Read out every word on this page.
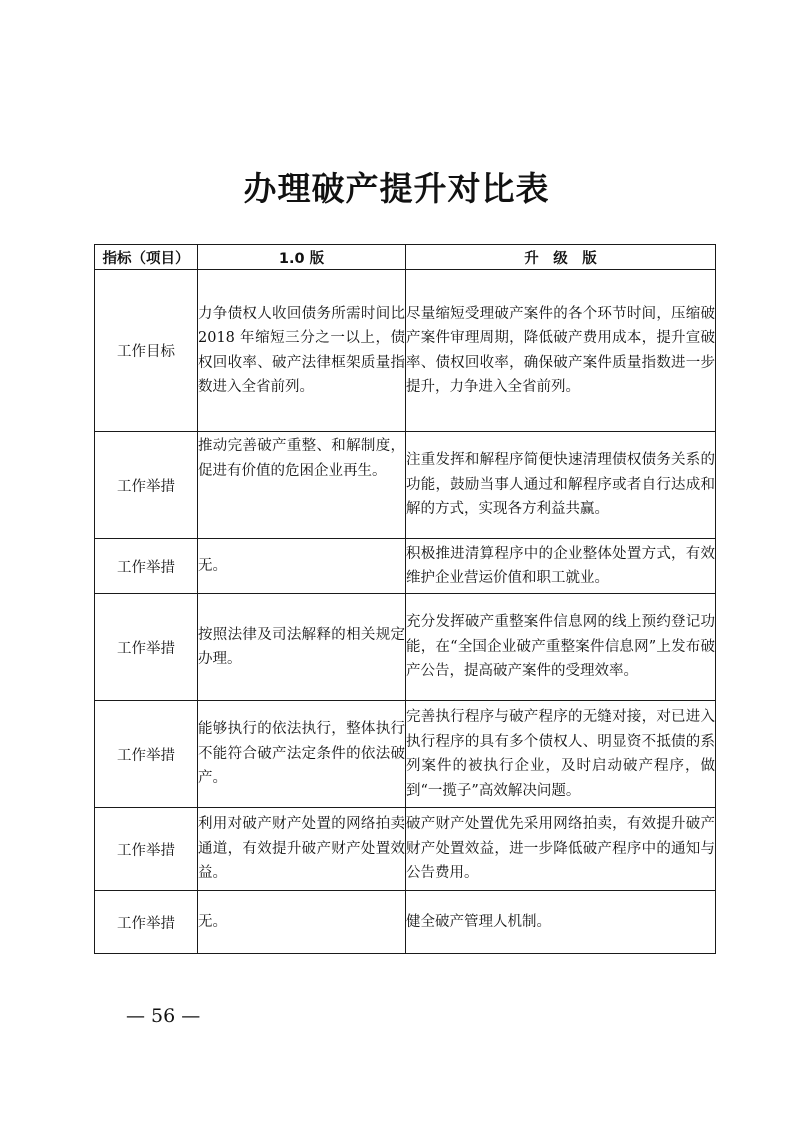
办理破产提升对比表
指标（项目）	1.0 版	升　级　版
工作目标	力争债权人收回债务所需时间比 2018 年缩短三分之一以上，债权回收率、破产法律框架质量指数进入全省前列。	尽量缩短受理破产案件的各个环节时间，压缩破产案件审理周期，降低破产费用成本，提升宣破率、债权回收率，确保破产案件质量指数进一步提升，力争进入全省前列。
工作举措	推动完善破产重整、和解制度，促进有价值的危困企业再生。	注重发挥和解程序简便快速清理债权债务关系的功能，鼓励当事人通过和解程序或者自行达成和解的方式，实现各方利益共赢。
工作举措	无。	积极推进清算程序中的企业整体处置方式，有效维护企业营运价值和职工就业。
工作举措	按照法律及司法解释的相关规定办理。	充分发挥破产重整案件信息网的线上预约登记功能，在“全国企业破产重整案件信息网”上发布破产公告，提高破产案件的受理效率。
工作举措	能够执行的依法执行，整体执行不能符合破产法定条件的依法破产。	完善执行程序与破产程序的无缝对接，对已进入执行程序的具有多个债权人、明显资不抵债的系列案件的被执行企业，及时启动破产程序，做到“一揽子”高效解决问题。
工作举措	利用对破产财产处置的网络拍卖通道，有效提升破产财产处置效益。	破产财产处置优先采用网络拍卖，有效提升破产财产处置效益，进一步降低破产程序中的通知与公告费用。
工作举措	无。	健全破产管理人机制。
— 56 —
